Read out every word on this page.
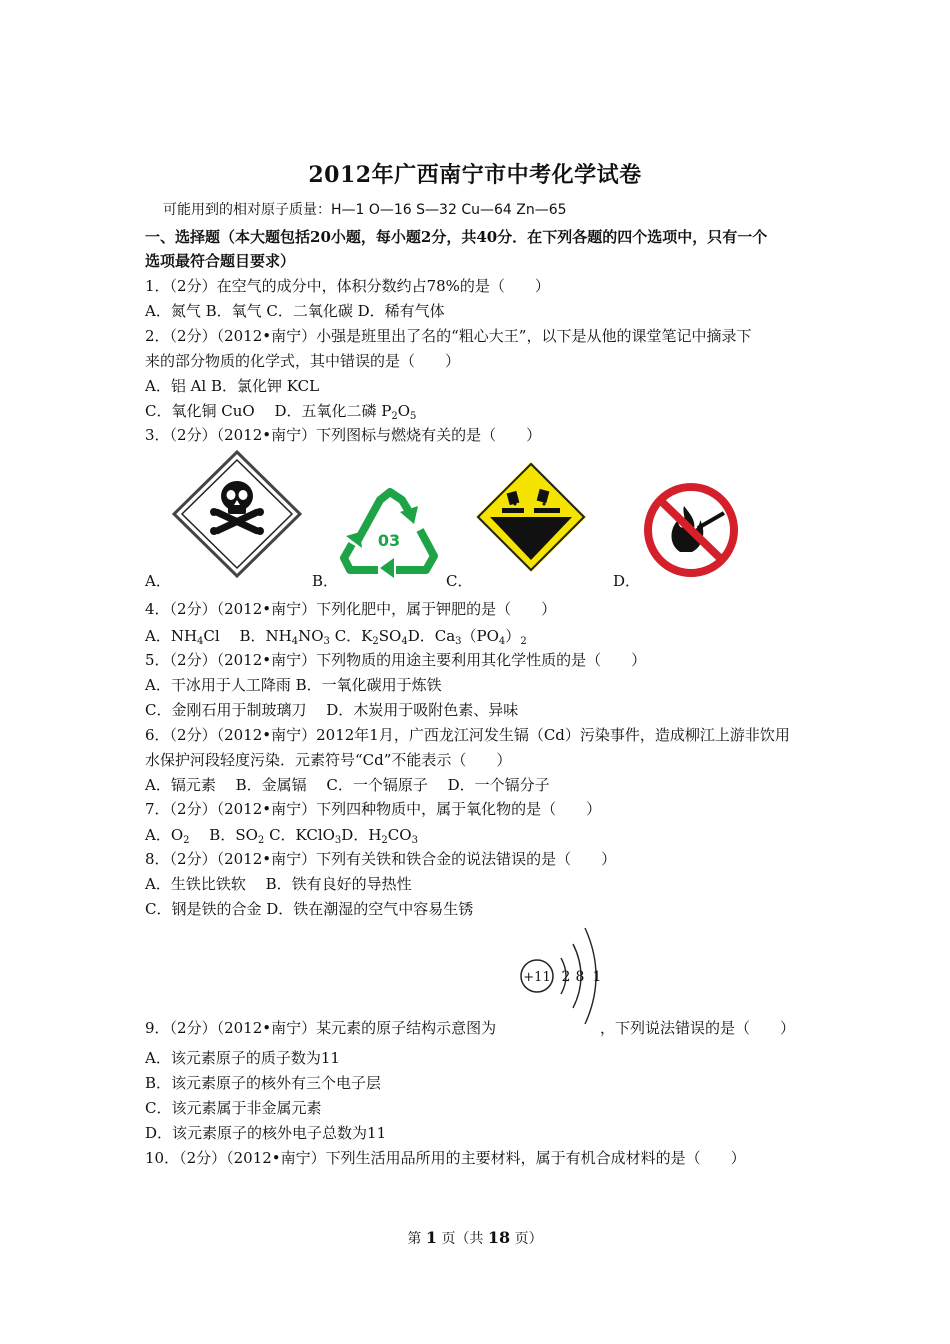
2012年广西南宁市中考化学试卷
可能用到的相对原子质量：H—1 O—16 S—32 Cu—64 Zn—65
一、选择题（本大题包括20小题，每小题2分，共40分．在下列各题的四个选项中，只有一个
选项最符合题目要求）
1．（2分）在空气的成分中，体积分数约占78%的是（　　）
A．氮气 B．氧气 C．二氧化碳 D．稀有气体
2．（2分）（2012•南宁）小强是班里出了名的“粗心大王”，以下是从他的课堂笔记中摘录下
来的部分物质的化学式，其中错误的是（　　）
A．铝 Al B．氯化钾 KCL
C．氧化铜 CuO　 D．五氧化二磷 $P_2O_5$
3．（2分）（2012•南宁）下列图标与燃烧有关的是（　　）
03
A．	B．	C．	D．
4．（2分）（2012•南宁）下列化肥中，属于钾肥的是（　　）
A．$NH_4Cl$　 B．$NH_4NO_3$ C．$K_2SO_4D$．$Ca_3(PO_4)_2$
5．（2分）（2012•南宁）下列物质的用途主要利用其化学性质的是（　　）
A．干冰用于人工降雨 B．一氧化碳用于炼铁
C．金刚石用于制玻璃刀　 D．木炭用于吸附色素、异味
6．（2分）（2012•南宁）2012年1月，广西龙江河发生镉（Cd）污染事件，造成柳江上游非饮用
水保护河段轻度污染．元素符号“Cd”不能表示（　　）
A．镉元素　 B．金属镉　 C．一个镉原子　 D．一个镉分子
7．（2分）（2012•南宁）下列四种物质中，属于氧化物的是（　　）
A．$O_2$　 B．$SO_2$ C．KClO$_3$D．$H_2CO_3$
8．（2分）（2012•南宁）下列有关铁和铁合金的说法错误的是（　　）
A．生铁比铁软　 B．铁有良好的导热性
C．钢是铁的合金 D．铁在潮湿的空气中容易生锈
+11 2 8 1
9．（2分）（2012•南宁）某元素的原子结构示意图为	，下列说法错误的是（　　）
A．该元素原子的质子数为11
B．该元素原子的核外有三个电子层
C．该元素属于非金属元素
D．该元素原子的核外电子总数为11
10．（2分）（2012•南宁）下列生活用品所用的主要材料，属于有机合成材料的是（　　）
第 1 页（共 18 页）
